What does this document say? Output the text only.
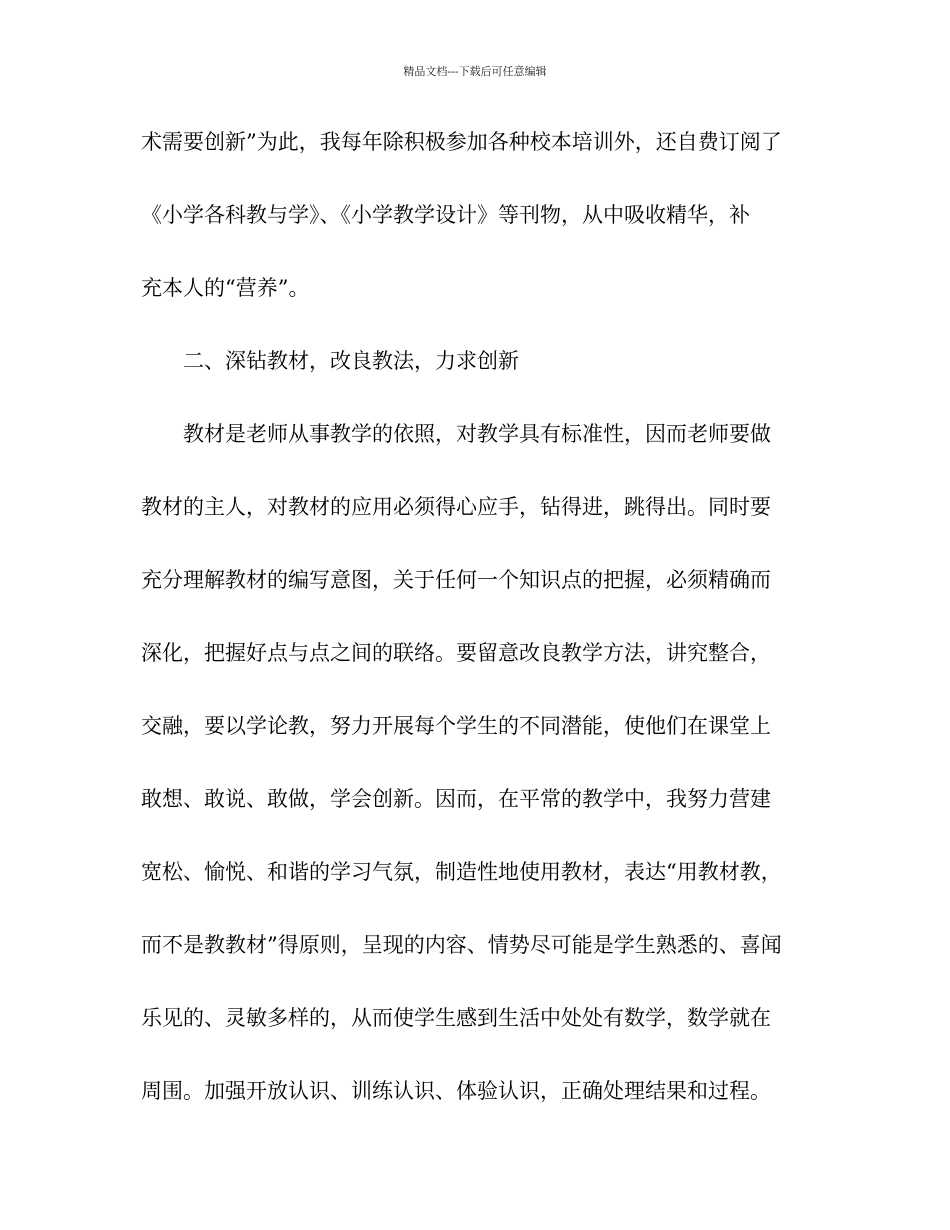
精品文档---下载后可任意编辑
术需要创新”为此，我每年除积极参加各种校本培训外，还自费订阅了
《小学各科教与学》、《小学教学设计》等刊物，从中吸收精华，补
充本人的“营养”。
二、深钻教材，改良教法，力求创新
教材是老师从事教学的依照，对教学具有标准性，因而老师要做
教材的主人，对教材的应用必须得心应手，钻得进，跳得出。同时要
充分理解教材的编写意图，关于任何一个知识点的把握，必须精确而
深化，把握好点与点之间的联络。要留意改良教学方法，讲究整合，
交融，要以学论教，努力开展每个学生的不同潜能，使他们在课堂上
敢想、敢说、敢做，学会创新。因而，在平常的教学中，我努力营建
宽松、愉悦、和谐的学习气氛，制造性地使用教材，表达“用教材教，
而不是教教材”得原则，呈现的内容、情势尽可能是学生熟悉的、喜闻
乐见的、灵敏多样的，从而使学生感到生活中处处有数学，数学就在
周围。加强开放认识、训练认识、体验认识，正确处理结果和过程。
